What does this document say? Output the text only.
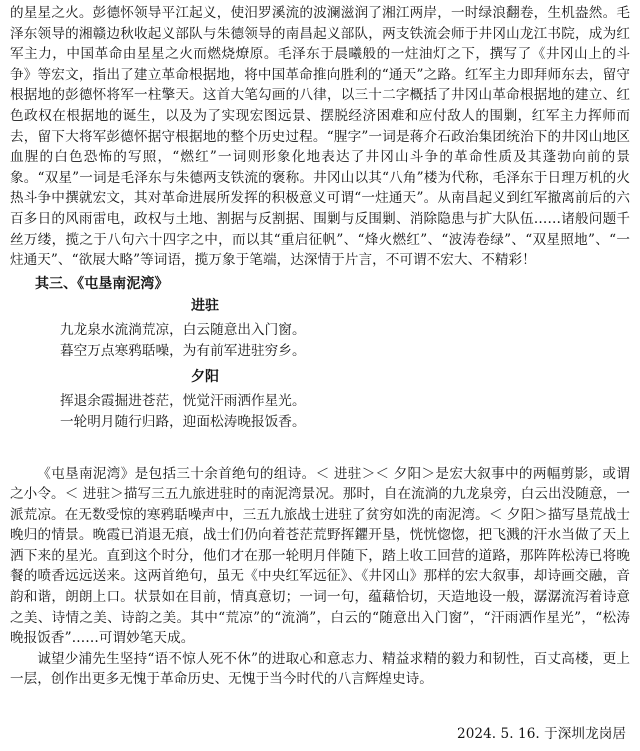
的星星之火。彭德怀领导平江起义，使汨罗溪流的波澜滋润了湘江两岸，一时绿浪翻卷，生机盎然。毛泽东领导的湘赣边秋收起义部队与朱德领导的南昌起义部队，两支铁流会师于井冈山龙江书院，成为红军主力，中国革命由星星之火而燃烧燎原。毛泽东于晨曦般的一炷油灯之下，撰写了《井冈山上的斗争》等宏文，指出了建立革命根据地，将中国革命推向胜利的“通天”之路。红军主力即拜师东去，留守根据地的彭德怀将军一柱擎天。这首大笔勾画的八律，以三十二字概括了井冈山革命根据地的建立、红色政权在根据地的诞生，以及为了实现宏图远景、摆脱经济困难和应付敌人的围剿，红军主力挥师而去，留下大将军彭德怀据守根据地的整个历史过程。“腥字”一词是蒋介石政治集团统治下的井冈山地区血腥的白色恐怖的写照，“燃红”一词则形象化地表达了井冈山斗争的革命性质及其蓬勃向前的景象。“双星”一词是毛泽东与朱德两支铁流的褒称。井冈山以其“八角”楼为代称，毛泽东于日理万机的火热斗争中撰就宏文，其对革命进展所发挥的积极意义可谓“一炷通天”。从南昌起义到红军撤离前后的六百多日的风雨雷电，政权与土地、割据与反割据、围剿与反围剿、消除隐患与扩大队伍……诸般问题千丝万缕，揽之于八句六十四字之中，而以其“重启征帆”、“烽火燃红”、“波涛卷绿”、“双星照地”、“一炷通天”、“欲展大略”等词语，揽万象于笔端，达深情于片言，不可谓不宏大、不精彩！

其三、《屯垦南泥湾》
进驻
九龙泉水流淌荒凉，白云随意出入门窗。
暮空万点寒鸦聒噪，为有前军进驻穷乡。
夕阳
挥退余霞掘进苍茫，恍觉汗雨洒作星光。
一轮明月随行归路，迎面松涛晚报饭香。

《屯垦南泥湾》是包括三十余首绝句的组诗。＜ 进驻＞＜ 夕阳＞是宏大叙事中的两幅剪影，或谓之小令。＜ 进驻＞描写三五九旅进驻时的南泥湾景况。那时，自在流淌的九龙泉旁，白云出没随意，一派荒凉。在无数受惊的寒鸦聒噪声中，三五九旅战士进驻了贫穷如洗的南泥湾。＜ 夕阳＞描写垦荒战士晚归的情景。晚霞已消退无痕，战士们仍向着苍茫荒野挥鑺开垦，恍恍惚惚，把飞溅的汗水当做了天上洒下来的星光。直到这个时分，他们才在那一轮明月伴随下，踏上收工回营的道路，那阵阵松涛已将晚餐的喷香远远送来。这两首绝句，虽无《中央红军远征》、《井冈山》那样的宏大叙事，却诗画交融，音韵和谐，朗朗上口。状景如在目前，情真意切；一词一句，蕴藉恰切，天造地设一般，潺潺流泻着诗意之美、诗情之美、诗韵之美。其中“荒凉”的“流淌”，白云的“随意出入门窗”，“汗雨洒作星光”，“松涛晚报饭香”……可谓妙笔天成。

诚望少浦先生坚持“语不惊人死不休”的进取心和意志力、精益求精的毅力和韧性，百丈高楼，更上一层，创作出更多无愧于革命历史、无愧于当今时代的八言辉煌史诗。

2024. 5. 16. 于深圳龙岗居
